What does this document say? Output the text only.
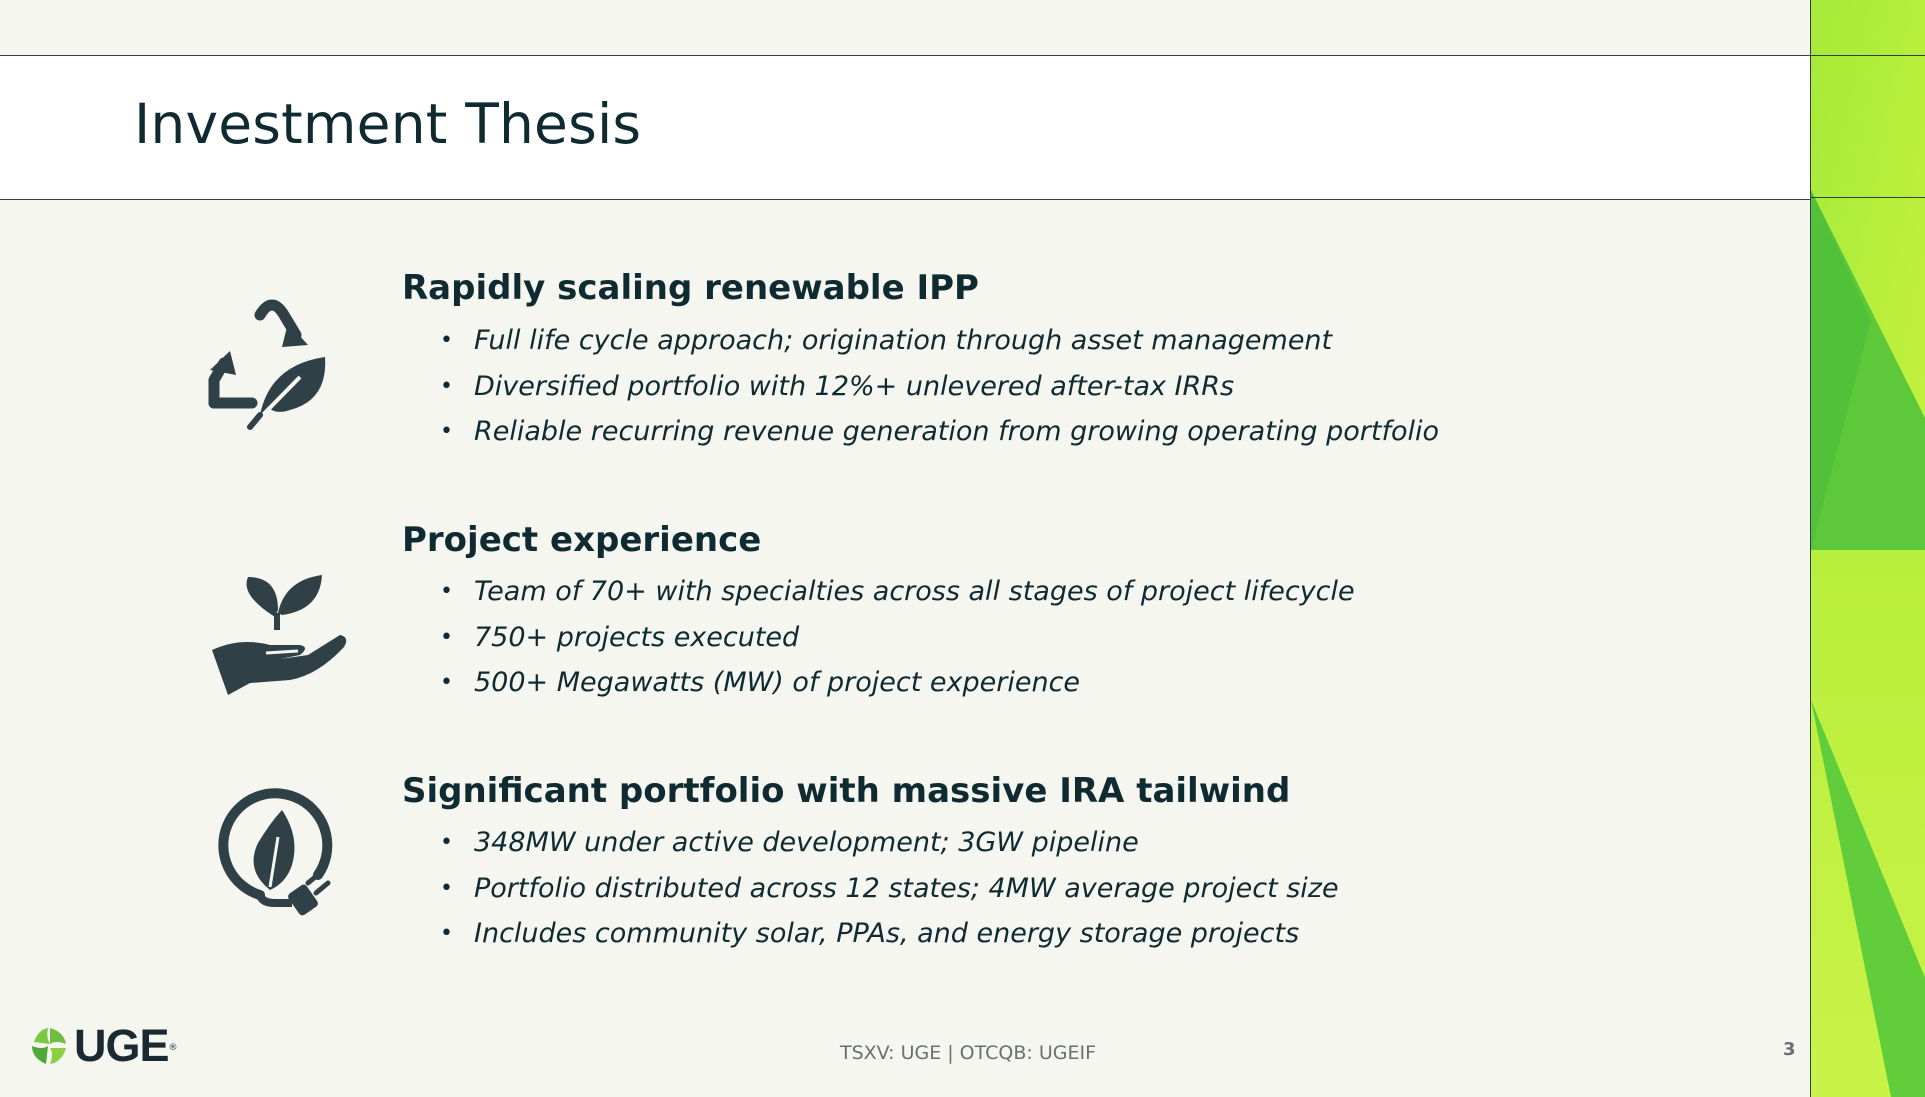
Investment Thesis
Rapidly scaling renewable IPP
• Full life cycle approach; origination through asset management
• Diversified portfolio with 12%+ unlevered after-tax IRRs
• Reliable recurring revenue generation from growing operating portfolio
Project experience
• Team of 70+ with specialties across all stages of project lifecycle
• 750+ projects executed
• 500+ Megawatts (MW) of project experience
Significant portfolio with massive IRA tailwind
• 348MW under active development; 3GW pipeline
• Portfolio distributed across 12 states; 4MW average project size
• Includes community solar, PPAs, and energy storage projects
UGE ®	TSXV: UGE | OTCQB: UGEIF	3
